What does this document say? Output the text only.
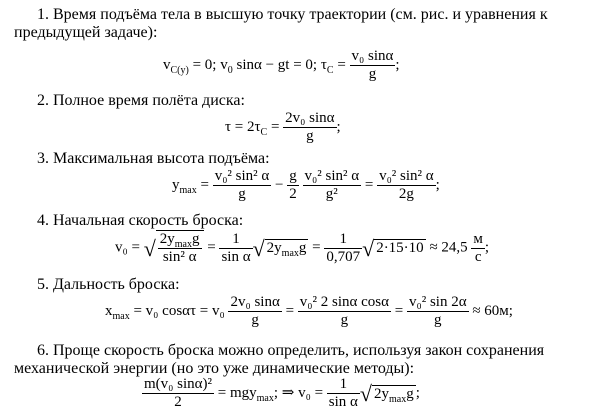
1. Время подъёма тела в высшую точку траектории (см. рис. и уравнения к предыдущей задаче):
$v_{C(y)} = 0$; $v_0$ sinα − gt = 0; $\tau_C = \frac{\text{v₀ sinα}}{g}$ ;
2. Полное время полёта диска:
$\tau = 2\tau_C = \frac{\text{2v₀ sinα}}{g}$ ;
3. Максимальная высота подъёма:
$y_{max} = \frac{\text{v₀² sin² α}}{g} - \frac{g}{2}$
$\frac{\text{v₀² sin² α}}{\text{g²}} = \frac{\text{v₀² sin² α}}{2g}$ ;
4. Начальная скорость броска:
v₀ = √ $\frac{2y_{max}g}{\text{sin² α}} = \frac{1}{\text{sin α}}$ √ $2y_{max}g = \frac{1}{0,707}$ √ $2\cdot 15\cdot 10 \approx 24,5 \frac{м}{с}$ ;
5. Дальность броска:
$x_{max} = v_0$ $\cos\alpha\tau = v_0 \frac{\text{2v₀ sinα}}{g} = \frac{\text{v₀² 2 sinα cosα}}{g} = \frac{\text{v₀² sin 2α}}{g} \approx 60м$;
6. Проще скорость броска можно определить, используя закон сохранения механической энергии (но это уже динамические методы):
$\frac{\text{m(v₀ sinα)²}}{2} = mgy_{max}$; ⇒ $v_0 = \frac{1}{\text{sin α}}$ √ $2y_{max}g$ ;
